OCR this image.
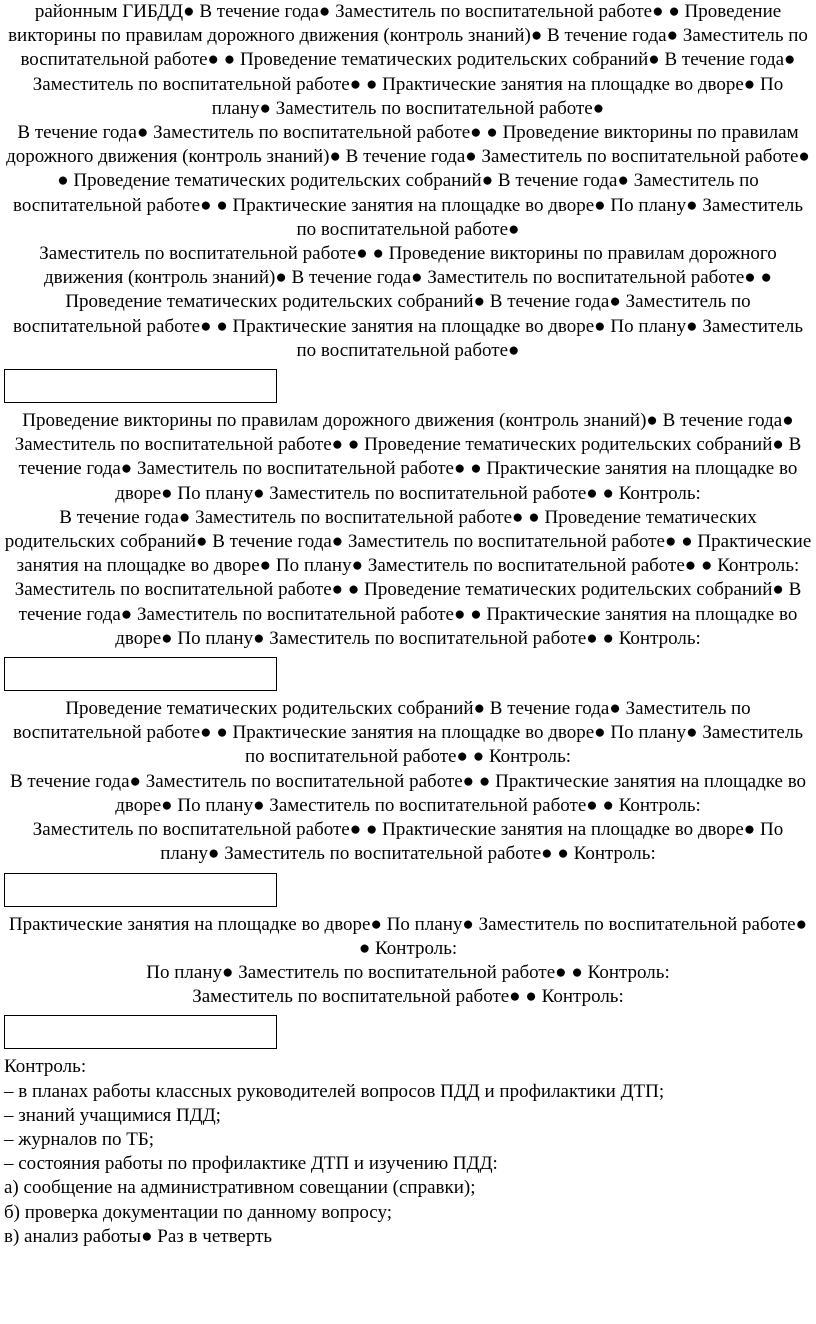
районным ГИБДД● В течение года● Заместитель по воспитательной работе● ● Проведение викторины по правилам дорожного движения (контроль знаний)● В течение года● Заместитель по воспитательной работе● ● Проведение тематических родительских собраний● В течение года● Заместитель по воспитательной работе● ● Практические занятия на площадке во дворе● По плану● Заместитель по воспитательной работе●

В течение года● Заместитель по воспитательной работе● ● Проведение викторины по правилам дорожного движения (контроль знаний)● В течение года● Заместитель по воспитательной работе● ● Проведение тематических родительских собраний● В течение года● Заместитель по воспитательной работе● ● Практические занятия на площадке во дворе● По плану● Заместитель по воспитательной работе●

Заместитель по воспитательной работе● ● Проведение викторины по правилам дорожного движения (контроль знаний)● В течение года● Заместитель по воспитательной работе● ● Проведение тематических родительских собраний● В течение года● Заместитель по воспитательной работе● ● Практические занятия на площадке во дворе● По плану● Заместитель по воспитательной работе●

Проведение викторины по правилам дорожного движения (контроль знаний)● В течение года● Заместитель по воспитательной работе● ● Проведение тематических родительских собраний● В течение года● Заместитель по воспитательной работе● ● Практические занятия на площадке во дворе● По плану● Заместитель по воспитательной работе● ● Контроль:

В течение года● Заместитель по воспитательной работе● ● Проведение тематических родительских собраний● В течение года● Заместитель по воспитательной работе● ● Практические занятия на площадке во дворе● По плану● Заместитель по воспитательной работе● ● Контроль:

Заместитель по воспитательной работе● ● Проведение тематических родительских собраний● В течение года● Заместитель по воспитательной работе● ● Практические занятия на площадке во дворе● По плану● Заместитель по воспитательной работе● ● Контроль:

Проведение тематических родительских собраний● В течение года● Заместитель по воспитательной работе● ● Практические занятия на площадке во дворе● По плану● Заместитель по воспитательной работе● ● Контроль:

В течение года● Заместитель по воспитательной работе● ● Практические занятия на площадке во дворе● По плану● Заместитель по воспитательной работе● ● Контроль:

Заместитель по воспитательной работе● ● Практические занятия на площадке во дворе● По плану● Заместитель по воспитательной работе● ● Контроль:

Практические занятия на площадке во дворе● По плану● Заместитель по воспитательной работе● ● Контроль:

По плану● Заместитель по воспитательной работе● ● Контроль:

Заместитель по воспитательной работе● ● Контроль:

Контроль:

– в планах работы классных руководителей вопросов ПДД и профилактики ДТП;

– знаний учащимися ПДД;

– журналов по ТБ;

– состояния работы по профилактике ДТП и изучению ПДД:

а) сообщение на административном совещании (справки);

б) проверка документации по данному вопросу;

в) анализ работы● Раз в четверть
